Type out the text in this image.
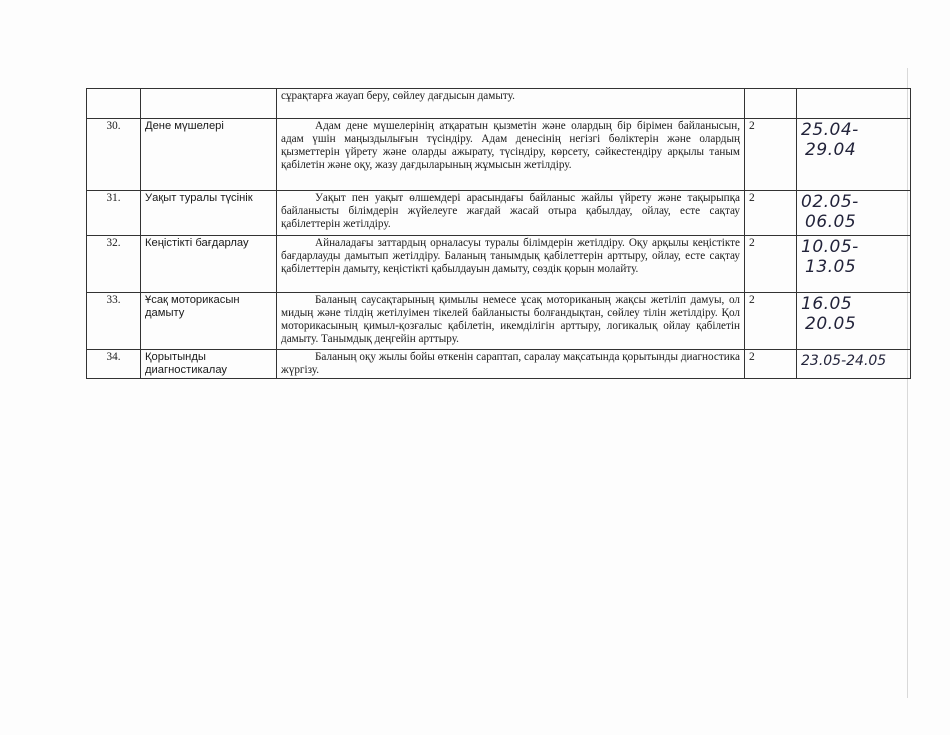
		сұрақтарға жауап беру, сөйлеу дағдысын дамыту.		

30.	Дене мүшелері	Адам дене мүшелерінің атқаратын қызметін және олардың бір бірімен байланысын, адам үшін маңыздылығын түсіндіру. Адам денесінің негізгі бөліктерін және олардың қызметтерін үйрету және оларды ажырату, түсіндіру, көрсету, сәйкестендіру арқылы таным қабілетін және оқу, жазу дағдыларының жұмысын жетілдіру.	2	25.04-
29.04

31.	Уақыт туралы түсінік	Уақыт пен уақыт өлшемдері арасындағы байланыс жайлы үйрету және тақырыпқа байланысты білімдерін жүйелеуге жағдай жасай отыра қабылдау, ойлау, есте сақтау қабілеттерін жетілдіру.	2	02.05-
06.05

32.	Кеңістікті бағдарлау	Айналадағы заттардың орналасуы туралы білімдерін жетілдіру. Оқу арқылы кеңістікте бағдарлауды дамытып жетілдіру. Баланың танымдық қабілеттерін арттыру, ойлау, есте сақтау қабілеттерін дамыту, кеңістікті қабылдауын дамыту, сөздік қорын молайту.	2	10.05-
13.05

33.	Ұсақ моторикасын дамыту	Баланың саусақтарының қимылы немесе ұсақ моториканың жақсы жетіліп дамуы, ол мидың және тілдің жетілуімен тікелей байланысты болғандықтан, сөйлеу тілін жетілдіру. Қол моторикасының қимыл-қозғалыс қабілетін, икемділігін арттыру, логикалық ойлау қабілетін дамыту. Танымдық деңгейін арттыру.	2	16.05
20.05

34.	Қорытынды диагностикалау	Баланың оқу жылы бойы өткенін сараптап, саралау мақсатында қорытынды диагностика жүргізу.	2	23.05-24.05
